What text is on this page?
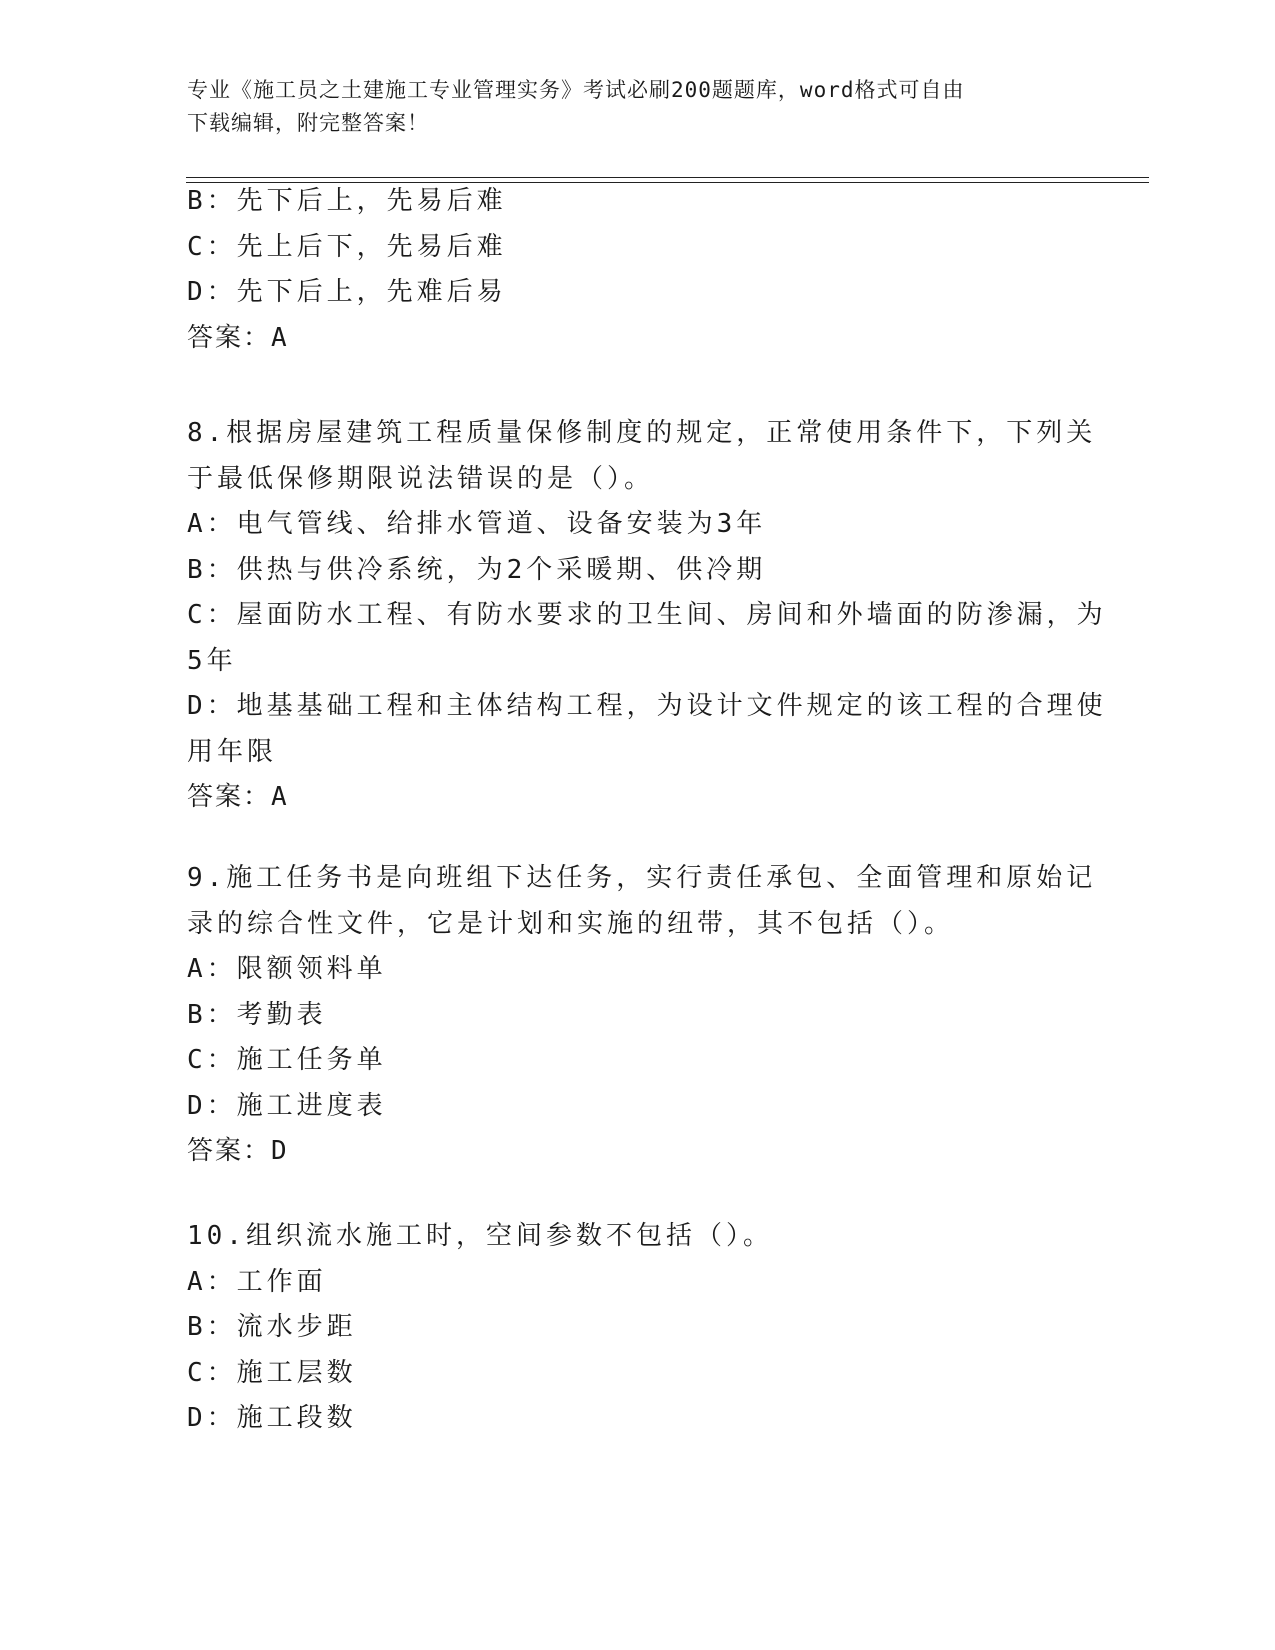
专业《施工员之土建施工专业管理实务》考试必刷200题题库，word格式可自由
下载编辑，附完整答案！
B：先下后上，先易后难
C：先上后下，先易后难
D：先下后上，先难后易
答案：A
8.根据房屋建筑工程质量保修制度的规定，正常使用条件下，下列关
于最低保修期限说法错误的是（）。
A：电气管线、给排水管道、设备安装为3年
B：供热与供冷系统，为2个采暖期、供冷期
C：屋面防水工程、有防水要求的卫生间、房间和外墙面的防渗漏，为
5年
D：地基基础工程和主体结构工程，为设计文件规定的该工程的合理使
用年限
答案：A
9.施工任务书是向班组下达任务，实行责任承包、全面管理和原始记
录的综合性文件，它是计划和实施的纽带，其不包括（）。
A：限额领料单
B：考勤表
C：施工任务单
D：施工进度表
答案：D
10.组织流水施工时，空间参数不包括（）。
A：工作面
B：流水步距
C：施工层数
D：施工段数
